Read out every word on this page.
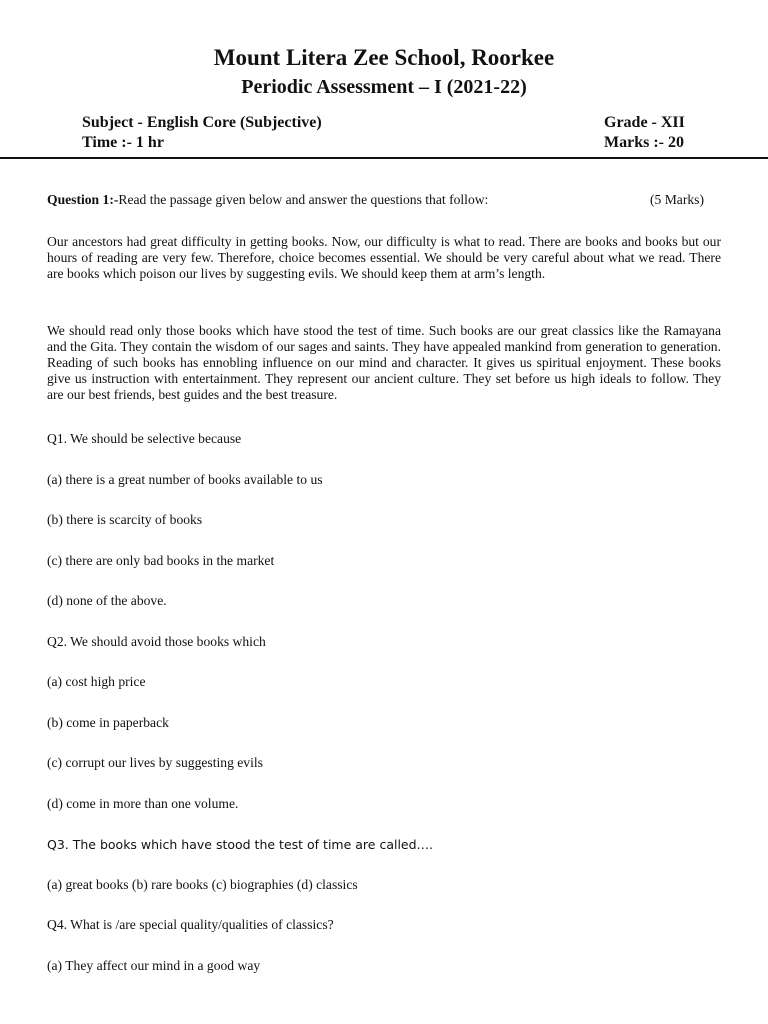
Mount Litera Zee School, Roorkee
Periodic Assessment – I (2021-22)
Subject - English Core (Subjective)	Grade - XII
Time :- 1 hr	Marks :- 20
Question 1:-Read the passage given below and answer the questions that follow:	(5 Marks)
Our ancestors had great difficulty in getting books. Now, our difficulty is what to read. There are books and books but our hours of reading are very few. Therefore, choice becomes essential. We should be very careful about what we read. There are books which poison our lives by suggesting evils. We should keep them at arm’s length.
We should read only those books which have stood the test of time. Such books are our great classics like the Ramayana and the Gita. They contain the wisdom of our sages and saints. They have appealed mankind from generation to generation. Reading of such books has ennobling influence on our mind and character. It gives us spiritual enjoyment. These books give us instruction with entertainment. They represent our ancient culture. They set before us high ideals to follow. They are our best friends, best guides and the best treasure.
Q1. We should be selective because
(a) there is a great number of books available to us
(b) there is scarcity of books
(c) there are only bad books in the market
(d) none of the above.
Q2. We should avoid those books which
(a) cost high price
(b) come in paperback
(c) corrupt our lives by suggesting evils
(d) come in more than one volume.
Q3. The books which have stood the test of time are called….
(a) great books (b) rare books (c) biographies (d) classics
Q4. What is /are special quality/qualities of classics?
(a) They affect our mind in a good way
